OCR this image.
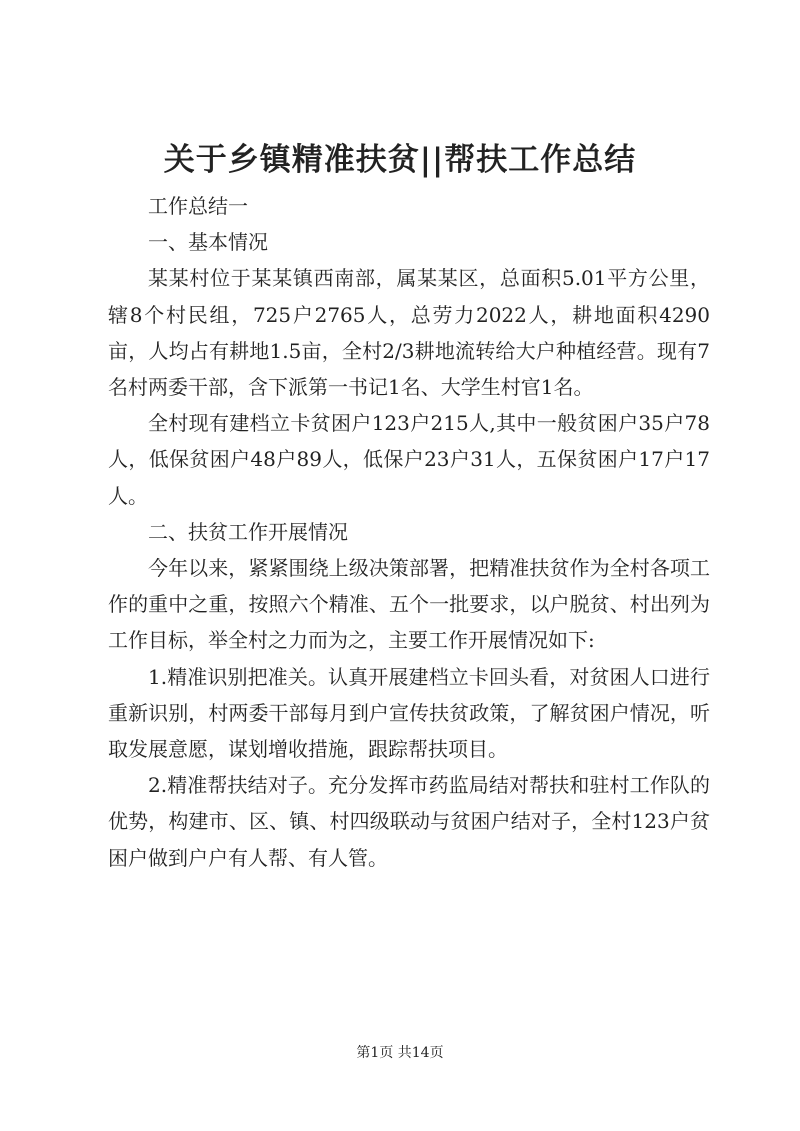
关于乡镇精准扶贫||帮扶工作总结

工作总结一

一、基本情况

某某村位于某某镇西南部，属某某区，总面积5.01平方公里，辖8个村民组，725户2765人，总劳力2022人，耕地面积4290亩，人均占有耕地1.5亩，全村2/3耕地流转给大户种植经营。现有7名村两委干部，含下派第一书记1名、大学生村官1名。

全村现有建档立卡贫困户123户215人,其中一般贫困户35户78人，低保贫困户48户89人，低保户23户31人，五保贫困户17户17人。

二、扶贫工作开展情况

今年以来，紧紧围绕上级决策部署，把精准扶贫作为全村各项工作的重中之重，按照六个精准、五个一批要求，以户脱贫、村出列为工作目标，举全村之力而为之，主要工作开展情况如下:

1.精准识别把准关。认真开展建档立卡回头看，对贫困人口进行重新识别，村两委干部每月到户宣传扶贫政策，了解贫困户情况，听取发展意愿，谋划增收措施，跟踪帮扶项目。

2.精准帮扶结对子。充分发挥市药监局结对帮扶和驻村工作队的优势，构建市、区、镇、村四级联动与贫困户结对子，全村123户贫困户做到户户有人帮、有人管。

第1页 共14页
